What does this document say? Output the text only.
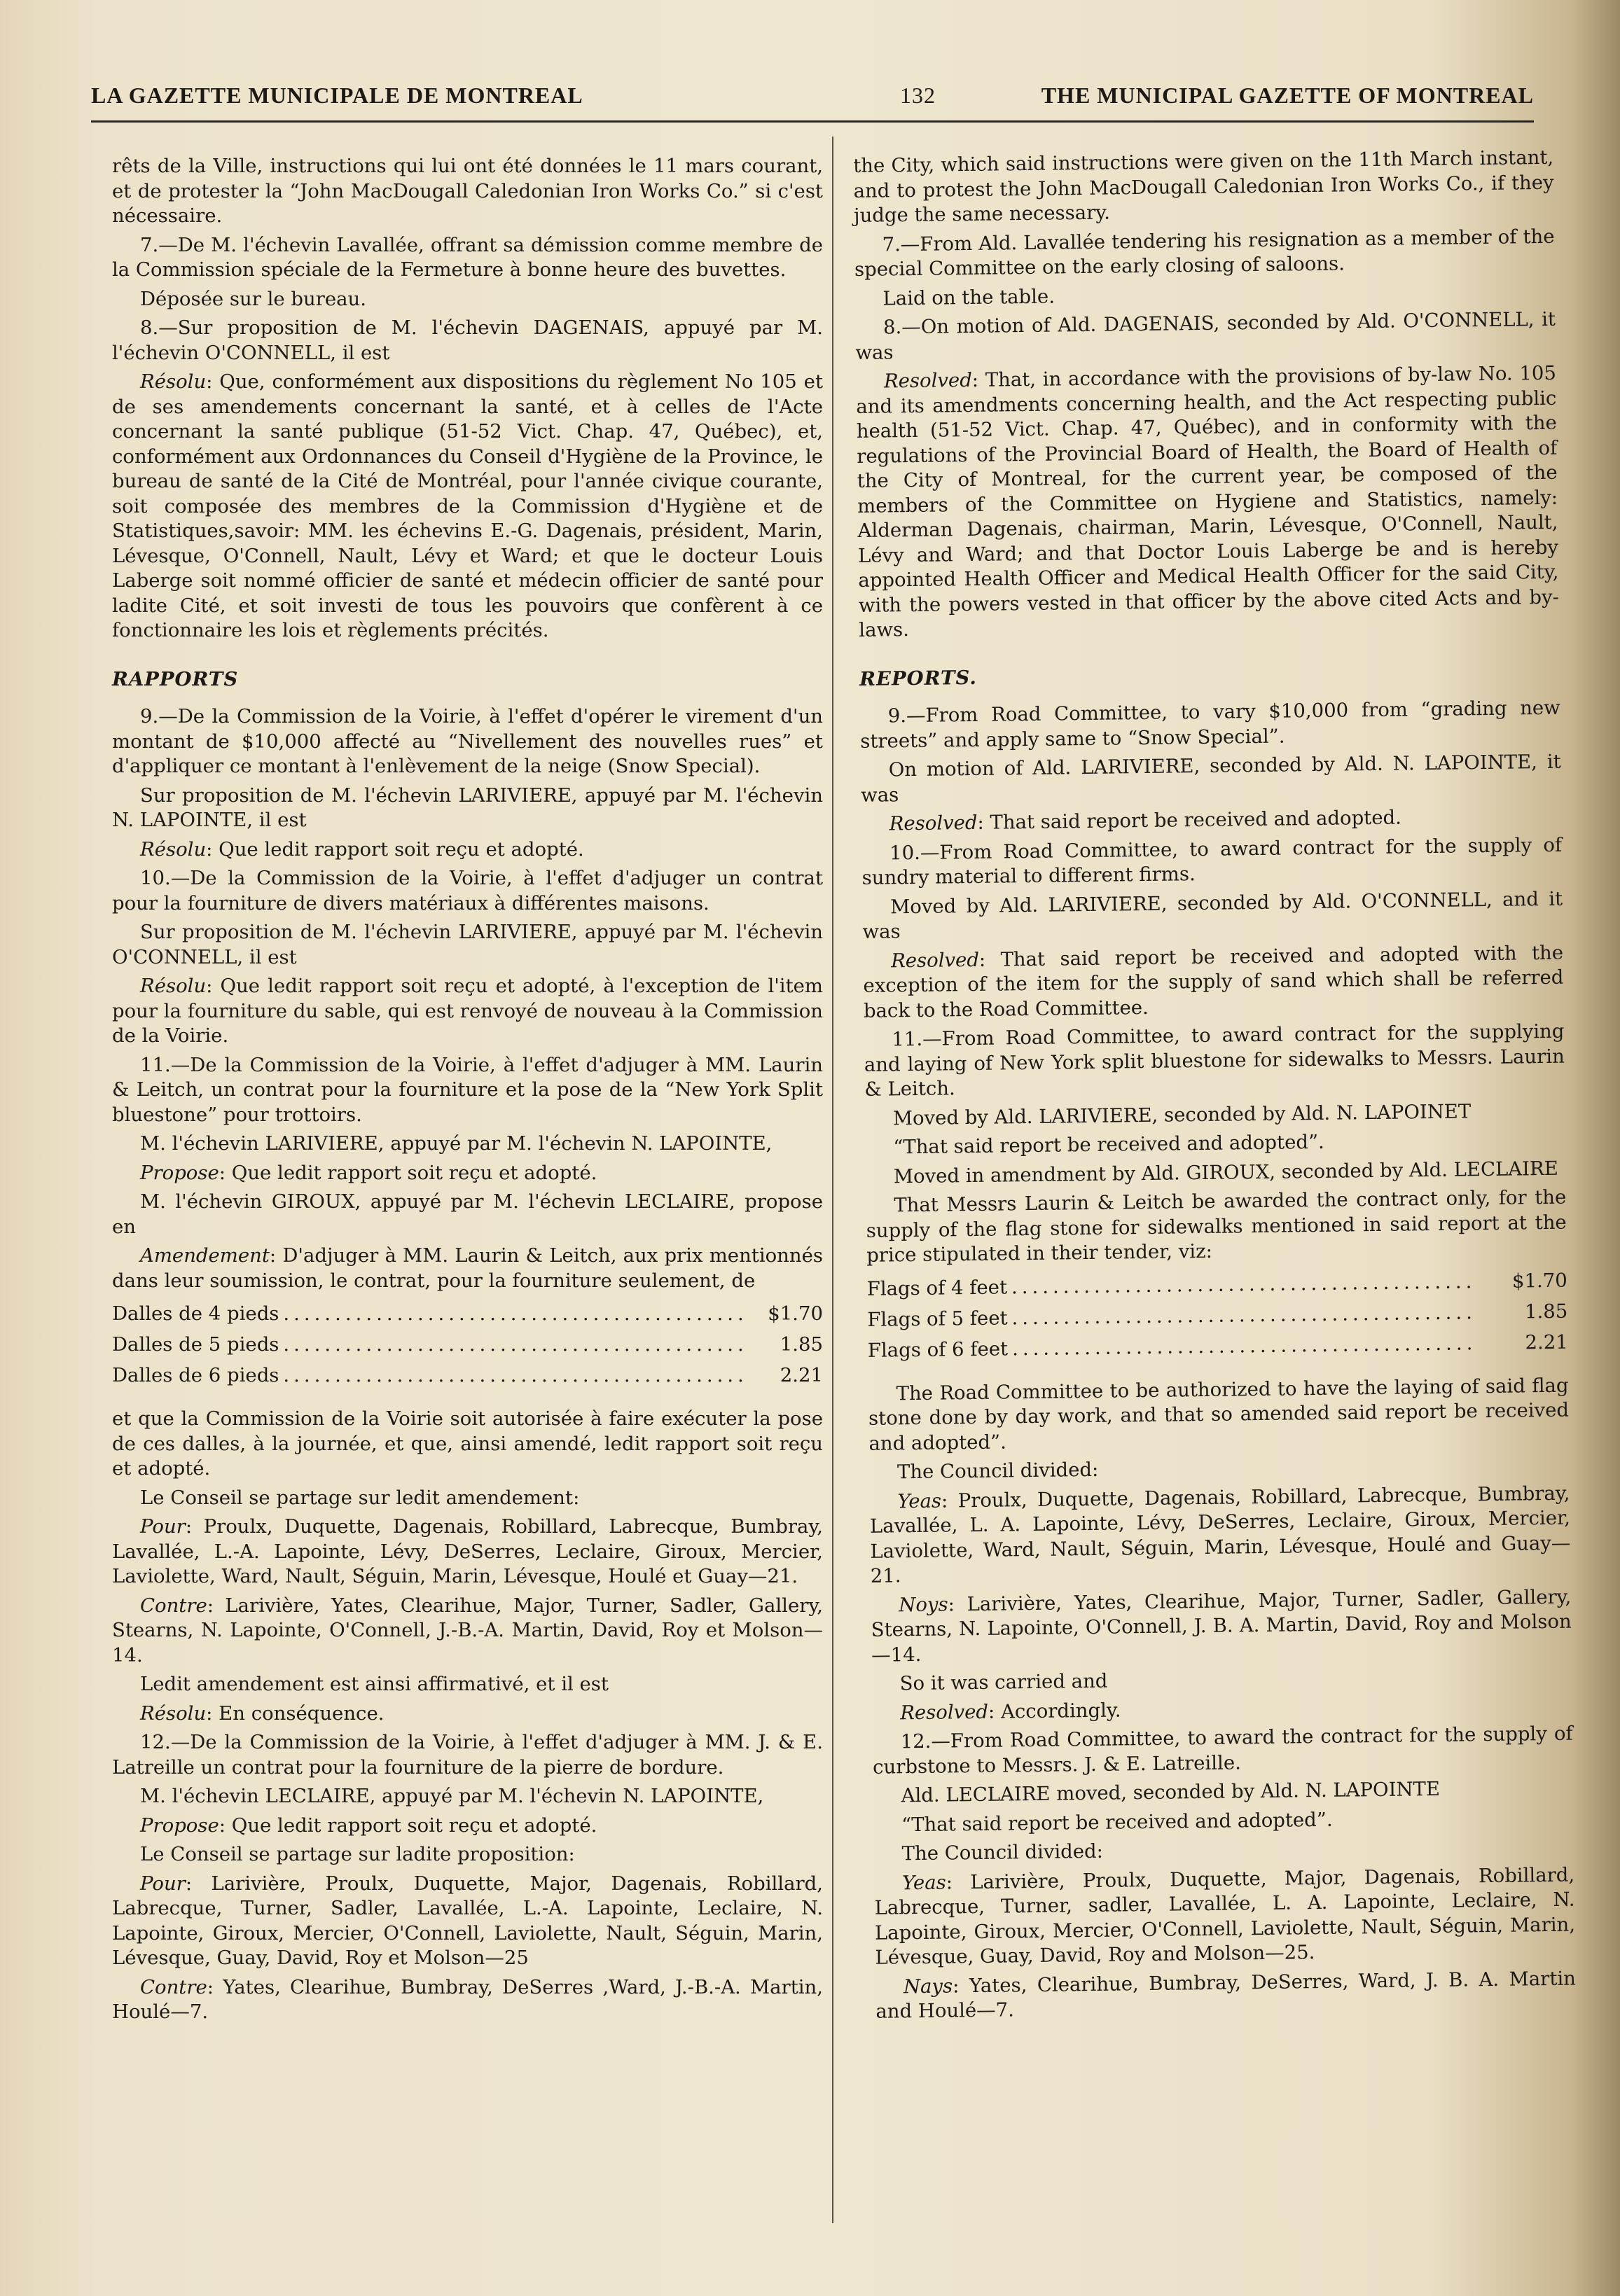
LA GAZETTE MUNICIPALE DE MONTREAL	132	THE MUNICIPAL GAZETTE OF MONTREAL

rêts de la Ville, instructions qui lui ont été données le 11 mars courant, et de protester la “John MacDougall Caledonian Iron Works Co.” si c'est nécessaire.

7.—De M. l'échevin Lavallée, offrant sa démission comme membre de la Commission spéciale de la Fermeture à bonne heure des buvettes.

Déposée sur le bureau.

8.—Sur proposition de M. l'échevin DAGENAIS, appuyé par M. l'échevin O'CONNELL, il est

Résolu: Que, conformément aux dispositions du règlement No 105 et de ses amendements concernant la santé, et à celles de l'Acte concernant la santé publique (51-52 Vict. Chap. 47, Québec), et, conformément aux Ordonnances du Conseil d'Hygiène de la Province, le bureau de santé de la Cité de Montréal, pour l'année civique courante, soit composée des membres de la Commission d'Hygiène et de Statistiques,savoir: MM. les échevins E.-G. Dagenais, président, Marin, Lévesque, O'Connell, Nault, Lévy et Ward; et que le docteur Louis Laberge soit nommé officier de santé et médecin officier de santé pour ladite Cité, et soit investi de tous les pouvoirs que confèrent à ce fonctionnaire les lois et règlements précités.

RAPPORTS

9.—De la Commission de la Voirie, à l'effet d'opérer le virement d'un montant de $10,000 affecté au “Nivellement des nouvelles rues” et d'appliquer ce montant à l'enlèvement de la neige (Snow Special).

Sur proposition de M. l'échevin LARIVIERE, appuyé par M. l'échevin N. LAPOINTE, il est

Résolu: Que ledit rapport soit reçu et adopté.

10.—De la Commission de la Voirie, à l'effet d'adjuger un contrat pour la fourniture de divers matériaux à différentes maisons.

Sur proposition de M. l'échevin LARIVIERE, appuyé par M. l'échevin O'CONNELL, il est

Résolu: Que ledit rapport soit reçu et adopté, à l'exception de l'item pour la fourniture du sable, qui est renvoyé de nouveau à la Commission de la Voirie.

11.—De la Commission de la Voirie, à l'effet d'adjuger à MM. Laurin & Leitch, un contrat pour la fourniture et la pose de la “New York Split bluestone” pour trottoirs.

M. l'échevin LARIVIERE, appuyé par M. l'échevin N. LAPOINTE,

Propose: Que ledit rapport soit reçu et adopté.

M. l'échevin GIROUX, appuyé par M. l'échevin LECLAIRE, propose en

Amendement: D'adjuger à MM. Laurin & Leitch, aux prix mentionnés dans leur soumission, le contrat, pour la fourniture seulement, de

Dalles de 4 pieds .............................................	$1.70
Dalles de 5 pieds .............................................	1.85
Dalles de 6 pieds .............................................	2.21

et que la Commission de la Voirie soit autorisée à faire exécuter la pose de ces dalles, à la journée, et que, ainsi amendé, ledit rapport soit reçu et adopté.

Le Conseil se partage sur ledit amendement:

Pour: Proulx, Duquette, Dagenais, Robillard, Labrecque, Bumbray, Lavallée, L.-A. Lapointe, Lévy, DeSerres, Leclaire, Giroux, Mercier, Laviolette, Ward, Nault, Séguin, Marin, Lévesque, Houlé et Guay—21.

Contre: Larivière, Yates, Clearihue, Major, Turner, Sadler, Gallery, Stearns, N. Lapointe, O'Connell, J.-B.-A. Martin, David, Roy et Molson—14.

Ledit amendement est ainsi affirmativé, et il est

Résolu: En conséquence.

12.—De la Commission de la Voirie, à l'effet d'adjuger à MM. J. & E. Latreille un contrat pour la fourniture de la pierre de bordure.

M. l'échevin LECLAIRE, appuyé par M. l'échevin N. LAPOINTE,

Propose: Que ledit rapport soit reçu et adopté.

Le Conseil se partage sur ladite proposition:

Pour: Larivière, Proulx, Duquette, Major, Dagenais, Robillard, Labrecque, Turner, Sadler, Lavallée, L.-A. Lapointe, Leclaire, N. Lapointe, Giroux, Mercier, O'Connell, Laviolette, Nault, Séguin, Marin, Lévesque, Guay, David, Roy et Molson—25

Contre: Yates, Clearihue, Bumbray, DeSerres ,Ward, J.-B.-A. Martin, Houlé—7.

the City, which said instructions were given on the 11th March instant, and to protest the John MacDougall Caledonian Iron Works Co., if they judge the same necessary.

7.—From Ald. Lavallée tendering his resignation as a member of the special Committee on the early closing of saloons.

Laid on the table.

8.—On motion of Ald. DAGENAIS, seconded by Ald. O'CONNELL, it was

Resolved: That, in accordance with the provisions of by-law No. 105 and its amendments concerning health, and the Act respecting public health (51-52 Vict. Chap. 47, Québec), and in conformity with the regulations of the Provincial Board of Health, the Board of Health of the City of Montreal, for the current year, be composed of the members of the Committee on Hygiene and Statistics, namely: Alderman Dagenais, chairman, Marin, Lévesque, O'Connell, Nault, Lévy and Ward; and that Doctor Louis Laberge be and is hereby appointed Health Officer and Medical Health Officer for the said City, with the powers vested in that officer by the above cited Acts and by-laws.

REPORTS.

9.—From Road Committee, to vary $10,000 from “grading new streets” and apply same to “Snow Special”.

On motion of Ald. LARIVIERE, seconded by Ald. N. LAPOINTE, it was

Resolved: That said report be received and adopted.

10.—From Road Committee, to award contract for the supply of sundry material to different firms.

Moved by Ald. LARIVIERE, seconded by Ald. O'CONNELL, and it was

Resolved: That said report be received and adopted with the exception of the item for the supply of sand which shall be referred back to the Road Committee.

11.—From Road Committee, to award contract for the supplying and laying of New York split bluestone for sidewalks to Messrs. Laurin & Leitch.

Moved by Ald. LARIVIERE, seconded by Ald. N. LAPOINET

“That said report be received and adopted”.

Moved in amendment by Ald. GIROUX, seconded by Ald. LECLAIRE

That Messrs Laurin & Leitch be awarded the contract only, for the supply of the flag stone for sidewalks mentioned in said report at the price stipulated in their tender, viz:

Flags of 4 feet .............................................	$1.70
Flags of 5 feet .............................................	1.85
Flags of 6 feet .............................................	2.21

The Road Committee to be authorized to have the laying of said flag stone done by day work, and that so amended said report be received and adopted”.

The Council divided:

Yeas: Proulx, Duquette, Dagenais, Robillard, Labrecque, Bumbray, Lavallée, L. A. Lapointe, Lévy, DeSerres, Leclaire, Giroux, Mercier, Laviolette, Ward, Nault, Séguin, Marin, Lévesque, Houlé and Guay—21.

Noys: Larivière, Yates, Clearihue, Major, Turner, Sadler, Gallery, Stearns, N. Lapointe, O'Connell, J. B. A. Martin, David, Roy and Molson—14.

So it was carried and

Resolved: Accordingly.

12.—From Road Committee, to award the contract for the supply of curbstone to Messrs. J. & E. Latreille.

Ald. LECLAIRE moved, seconded by Ald. N. LAPOINTE

“That said report be received and adopted”.

The Council divided:

Yeas: Larivière, Proulx, Duquette, Major, Dagenais, Robillard, Labrecque, Turner, sadler, Lavallée, L. A. Lapointe, Leclaire, N. Lapointe, Giroux, Mercier, O'Connell, Laviolette, Nault, Séguin, Marin, Lévesque, Guay, David, Roy and Molson—25.

Nays: Yates, Clearihue, Bumbray, DeSerres, Ward, J. B. A. Martin and Houlé—7.
